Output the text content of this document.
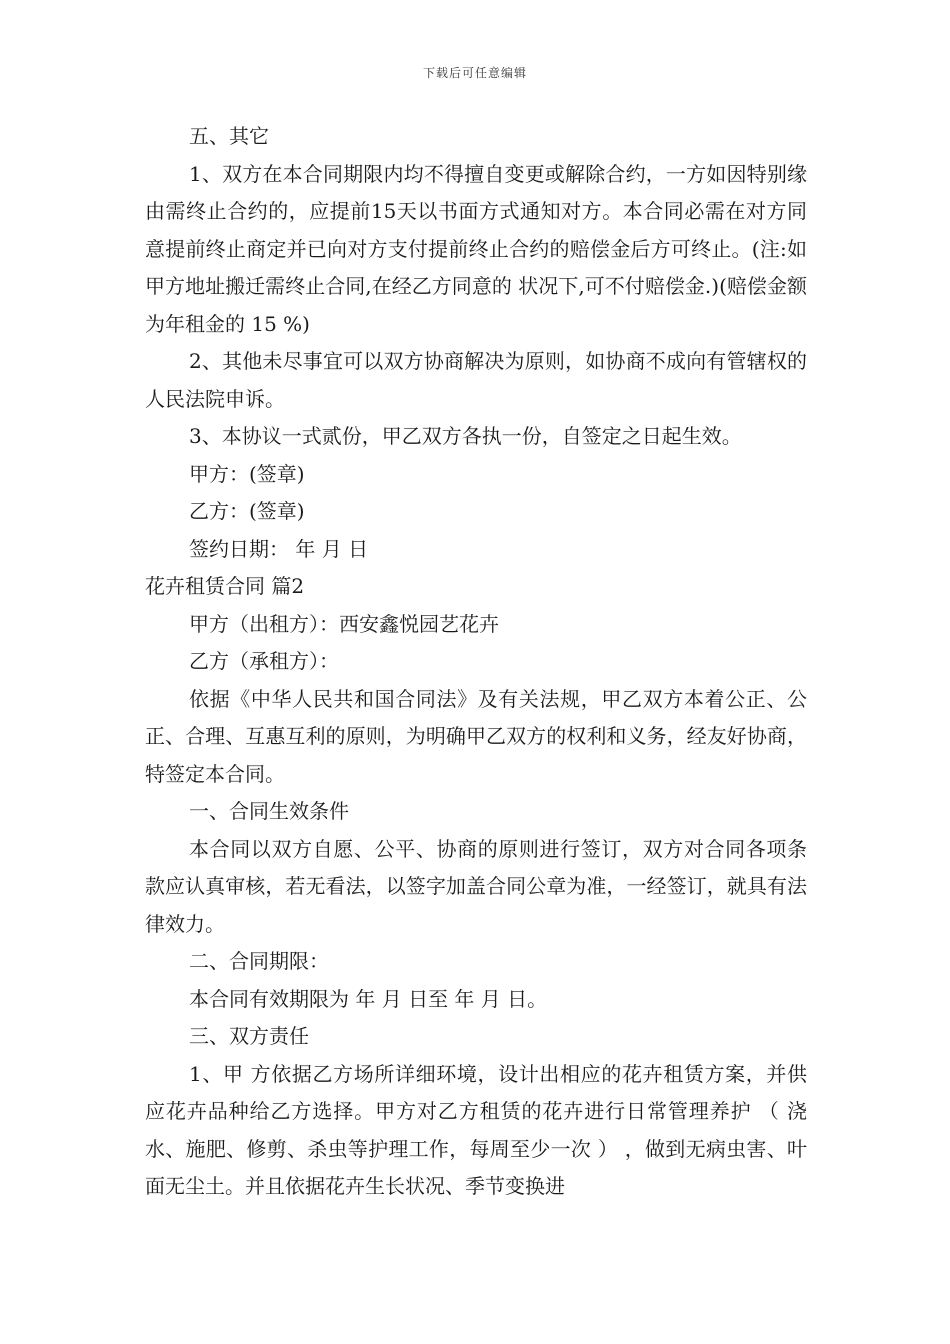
下载后可任意编辑

五、其它

1、双方在本合同期限内均不得擅自变更或解除合约，一方如因特别缘由需终止合约的，应提前15天以书面方式通知对方。本合同必需在对方同意提前终止商定并已向对方支付提前终止合约的赔偿金后方可终止。(注:如甲方地址搬迁需终止合同,在经乙方同意的 状况下,可不付赔偿金.)(赔偿金额为年租金的 15 %)

2、其他未尽事宜可以双方协商解决为原则，如协商不成向有管辖权的人民法院申诉。

3、本协议一式贰份，甲乙双方各执一份，自签定之日起生效。

甲方：(签章)

乙方：(签章)

签约日期： 年 月 日

花卉租赁合同 篇2

甲方（出租方）：西安鑫悦园艺花卉

乙方（承租方）：

依据《中华人民共和国合同法》及有关法规，甲乙双方本着公正、公正、合理、互惠互利的原则，为明确甲乙双方的权利和义务，经友好协商，特签定本合同。

一、合同生效条件

本合同以双方自愿、公平、协商的原则进行签订，双方对合同各项条款应认真审核，若无看法，以签字加盖合同公章为准，一经签订，就具有法律效力。

二、合同期限：

本合同有效期限为 年 月 日至 年 月 日。

三、双方责任

1、甲 方依据乙方场所详细环境，设计出相应的花卉租赁方案，并供应花卉品种给乙方选择。甲方对乙方租赁的花卉进行日常管理养护 （ 浇水、施肥、修剪、杀虫等护理工作，每周至少一次 ） ，做到无病虫害、叶面无尘土。并且依据花卉生长状况、季节变换进
